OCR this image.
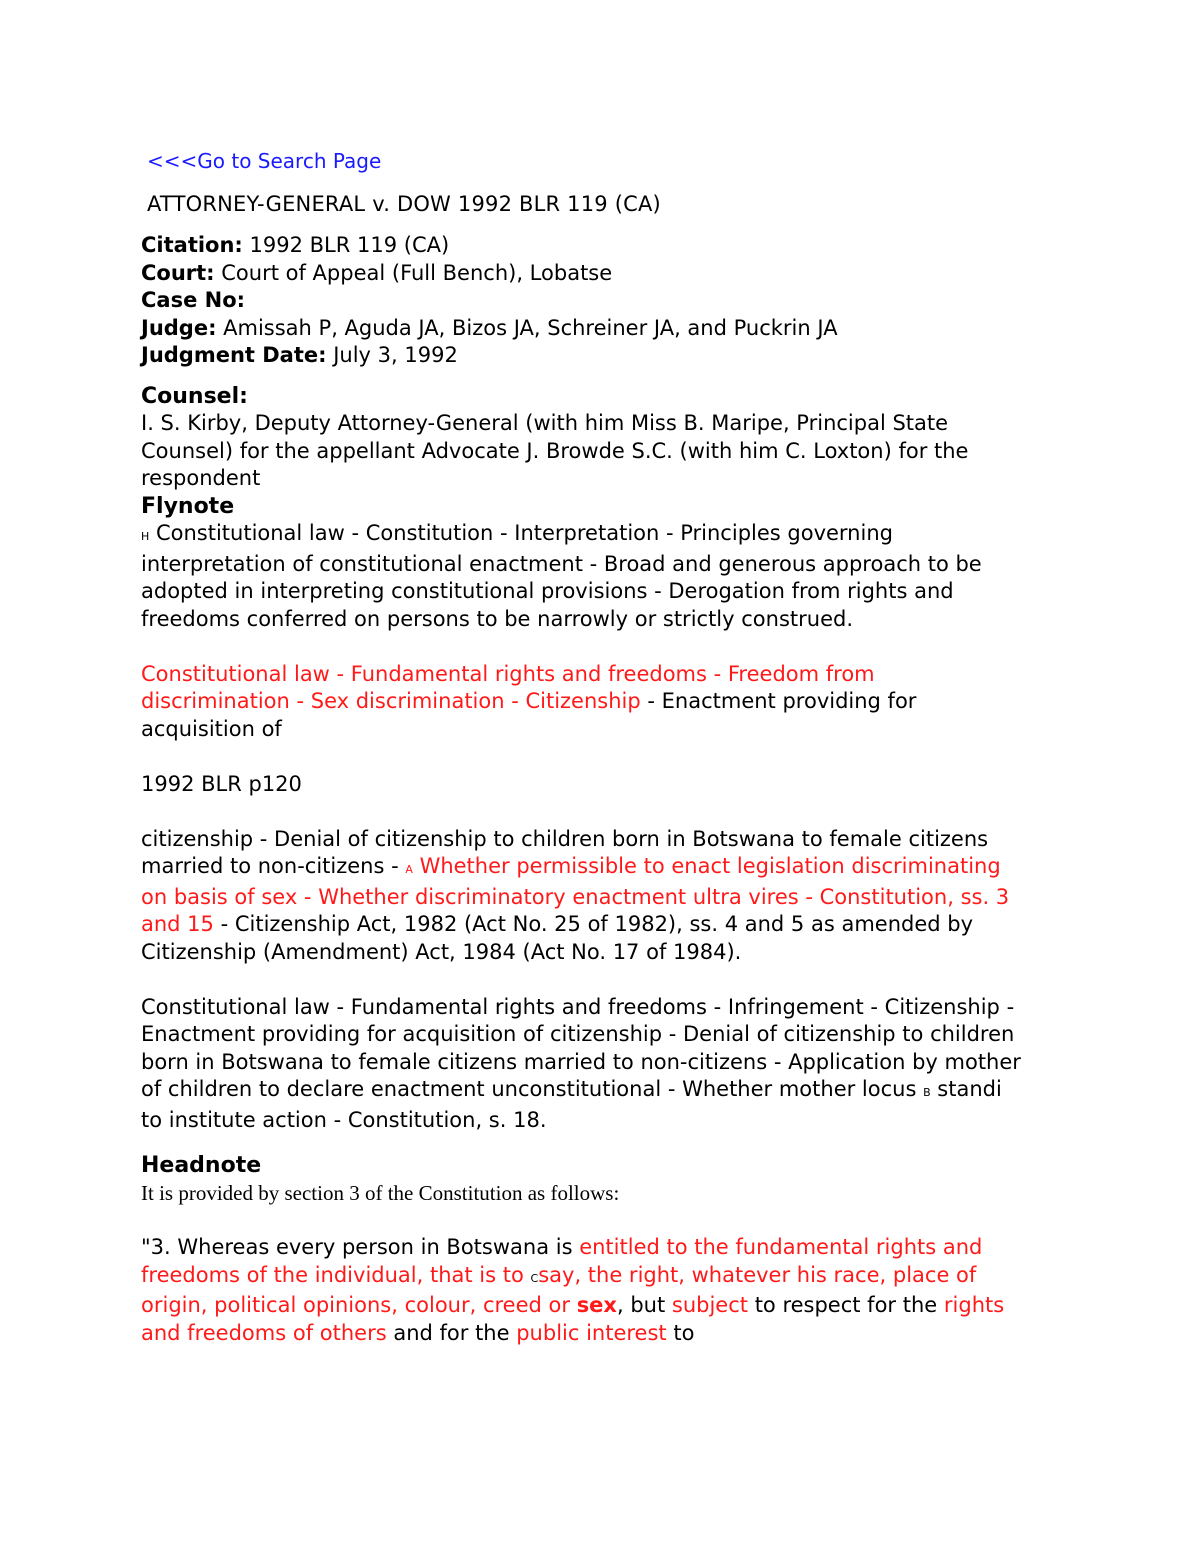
<<<Go to Search Page
ATTORNEY-GENERAL v. DOW 1992 BLR 119 (CA)
Citation: 1992 BLR 119 (CA)
Court: Court of Appeal (Full Bench), Lobatse
Case No:
Judge: Amissah P, Aguda JA, Bizos JA, Schreiner JA, and Puckrin JA
Judgment Date: July 3, 1992
Counsel:
I. S. Kirby, Deputy Attorney-General (with him Miss B. Maripe, Principal State Counsel) for the appellant Advocate J. Browde S.C. (with him C. Loxton) for the respondent
Flynote
H Constitutional law - Constitution - Interpretation - Principles governing interpretation of constitutional enactment - Broad and generous approach to be adopted in interpreting constitutional provisions - Derogation from rights and freedoms conferred on persons to be narrowly or strictly construed.
Constitutional law - Fundamental rights and freedoms - Freedom from discrimination - Sex discrimination - Citizenship - Enactment providing for acquisition of
1992 BLR p120
citizenship - Denial of citizenship to children born in Botswana to female citizens married to non-citizens - A Whether permissible to enact legislation discriminating on basis of sex - Whether discriminatory enactment ultra vires - Constitution, ss. 3 and 15 - Citizenship Act, 1982 (Act No. 25 of 1982), ss. 4 and 5 as amended by Citizenship (Amendment) Act, 1984 (Act No. 17 of 1984).
Constitutional law - Fundamental rights and freedoms - Infringement - Citizenship - Enactment providing for acquisition of citizenship - Denial of citizenship to children born in Botswana to female citizens married to non-citizens - Application by mother of children to declare enactment unconstitutional - Whether mother locus B standi to institute action - Constitution, s. 18.
Headnote
It is provided by section 3 of the Constitution as follows:
"3. Whereas every person in Botswana is entitled to the fundamental rights and freedoms of the individual, that is to Csay, the right, whatever his race, place of origin, political opinions, colour, creed or sex, but subject to respect for the rights and freedoms of others and for the public interest to
